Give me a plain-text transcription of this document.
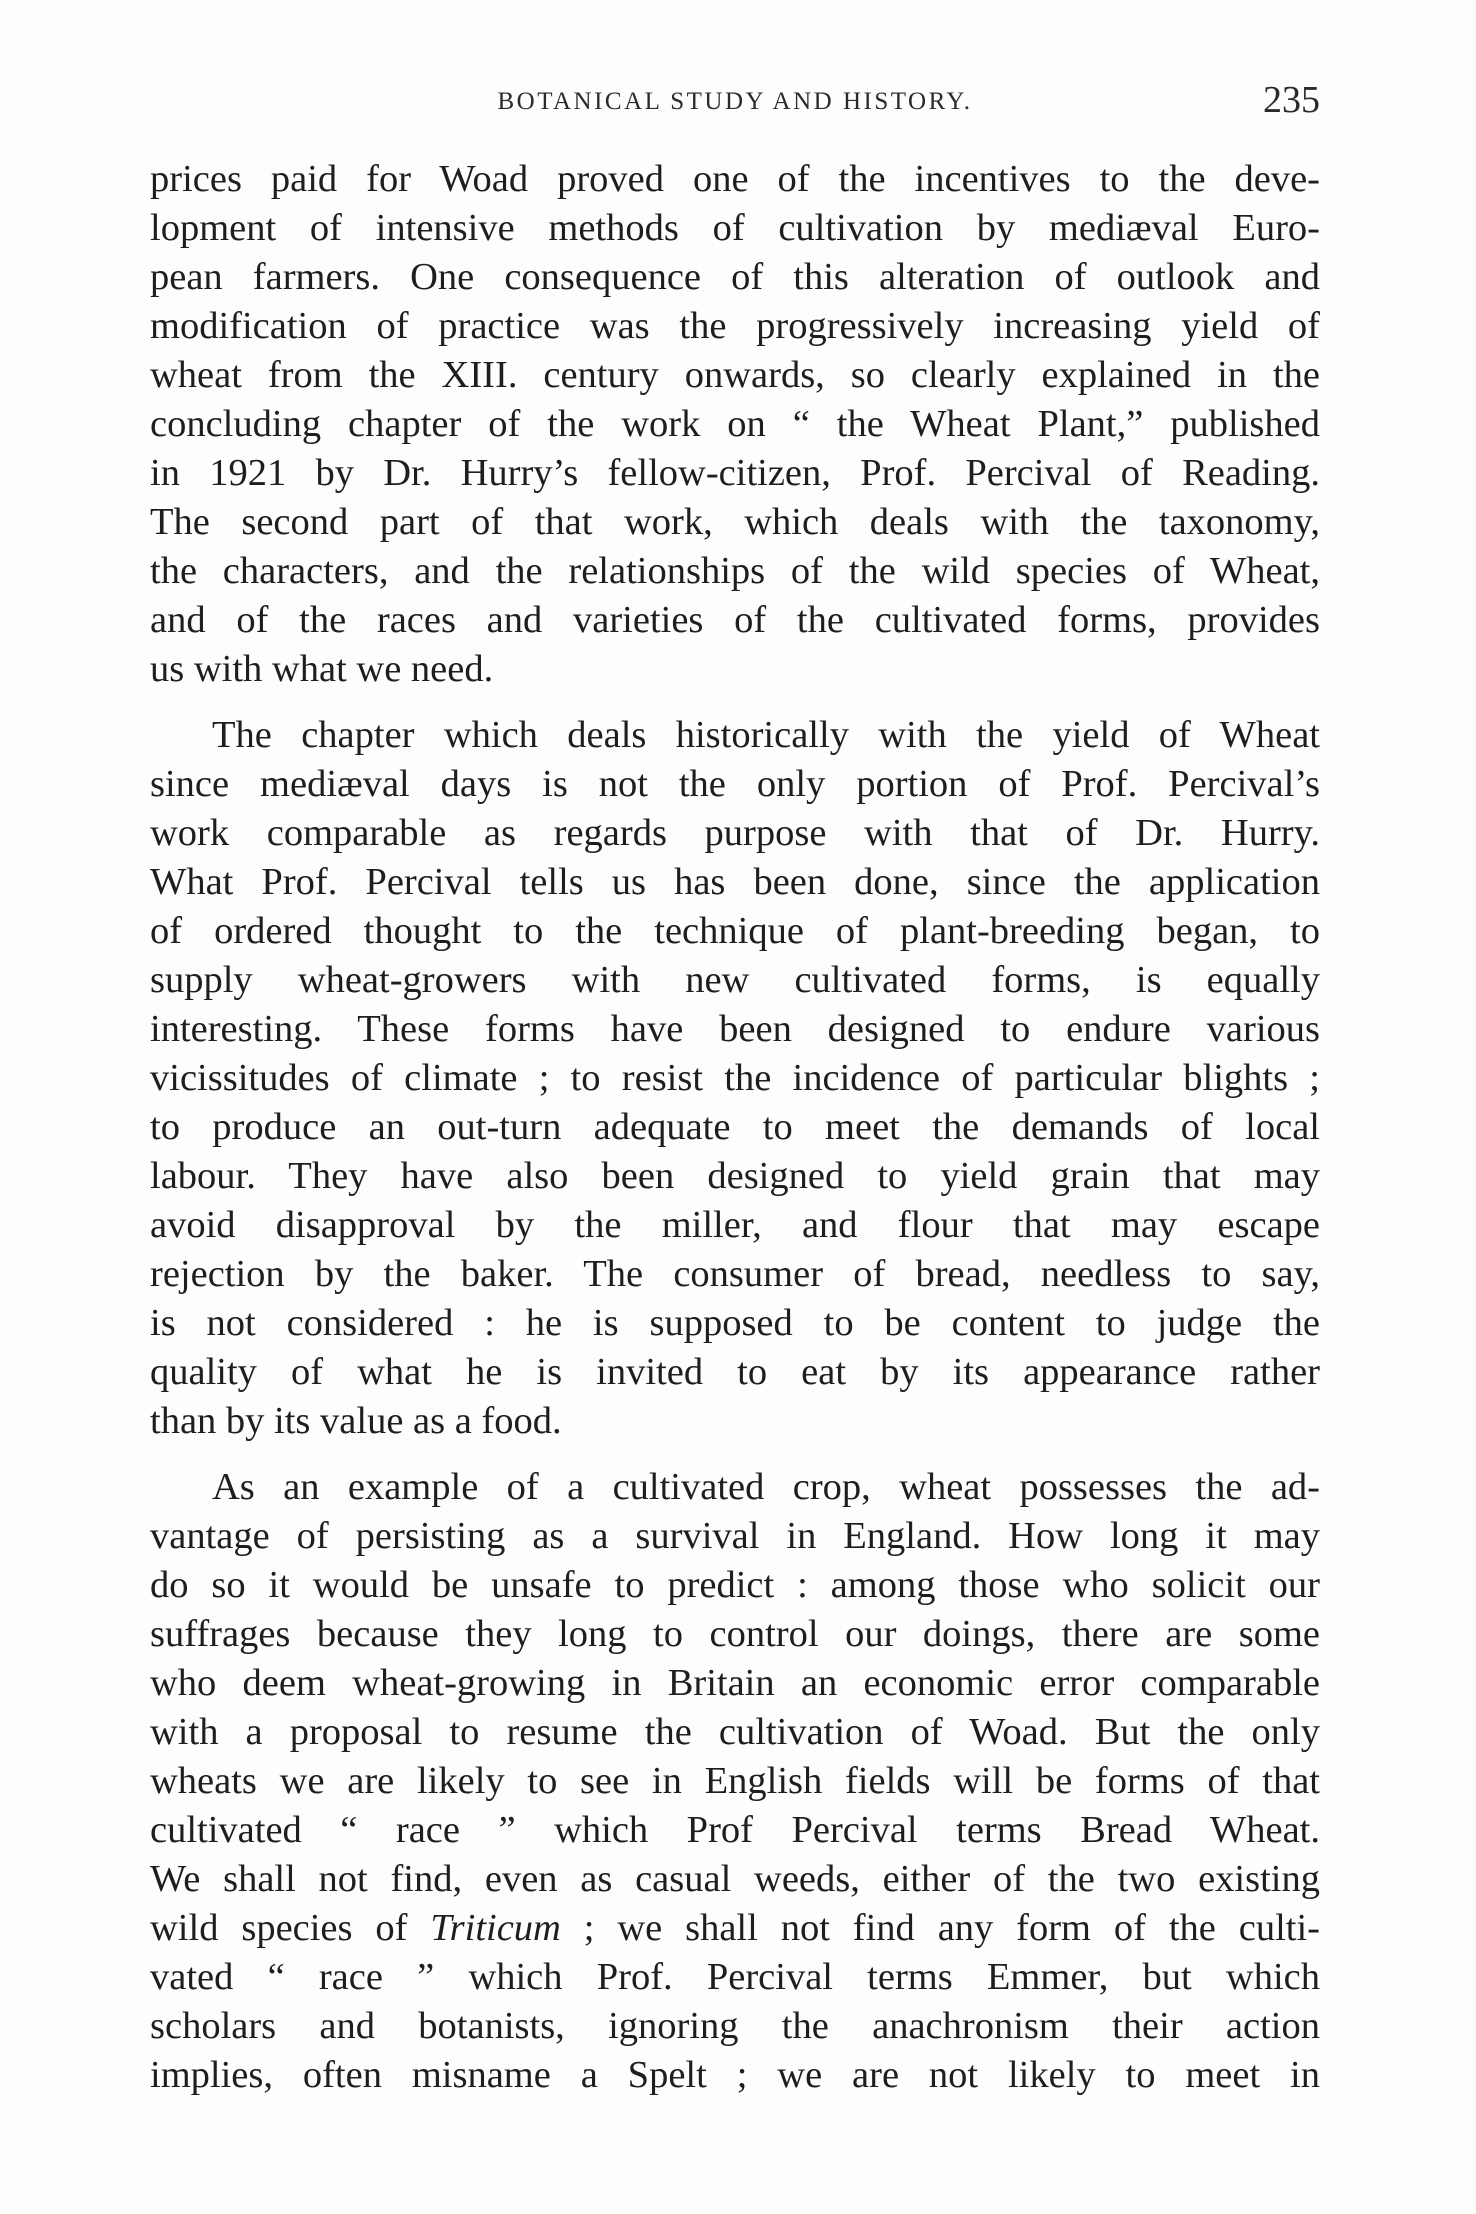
BOTANICAL STUDY AND HISTORY.	235

prices paid for Woad proved one of the incentives to the deve-
lopment of intensive methods of cultivation by mediæval Euro-
pean farmers. One consequence of this alteration of outlook and
modification of practice was the progressively increasing yield of
wheat from the XIII. century onwards, so clearly explained in the
concluding chapter of the work on “ the Wheat Plant,” published
in 1921 by Dr. Hurry’s fellow-citizen, Prof. Percival of Reading.
The second part of that work, which deals with the taxonomy,
the characters, and the relationships of the wild species of Wheat,
and of the races and varieties of the cultivated forms, provides
us with what we need.

The chapter which deals historically with the yield of Wheat
since mediæval days is not the only portion of Prof. Percival’s
work comparable as regards purpose with that of Dr. Hurry.
What Prof. Percival tells us has been done, since the application
of ordered thought to the technique of plant-breeding began, to
supply wheat-growers with new cultivated forms, is equally
interesting. These forms have been designed to endure various
vicissitudes of climate ; to resist the incidence of particular blights ;
to produce an out-turn adequate to meet the demands of local
labour. They have also been designed to yield grain that may
avoid disapproval by the miller, and flour that may escape
rejection by the baker. The consumer of bread, needless to say,
is not considered : he is supposed to be content to judge the
quality of what he is invited to eat by its appearance rather
than by its value as a food.

As an example of a cultivated crop, wheat possesses the ad-
vantage of persisting as a survival in England. How long it may
do so it would be unsafe to predict : among those who solicit our
suffrages because they long to control our doings, there are some
who deem wheat-growing in Britain an economic error comparable
with a proposal to resume the cultivation of Woad. But the only
wheats we are likely to see in English fields will be forms of that
cultivated “ race ” which Prof Percival terms Bread Wheat.
We shall not find, even as casual weeds, either of the two existing
wild species of Triticum ; we shall not find any form of the culti-
vated “ race ” which Prof. Percival terms Emmer, but which
scholars and botanists, ignoring the anachronism their action
implies, often misname a Spelt ; we are not likely to meet in
